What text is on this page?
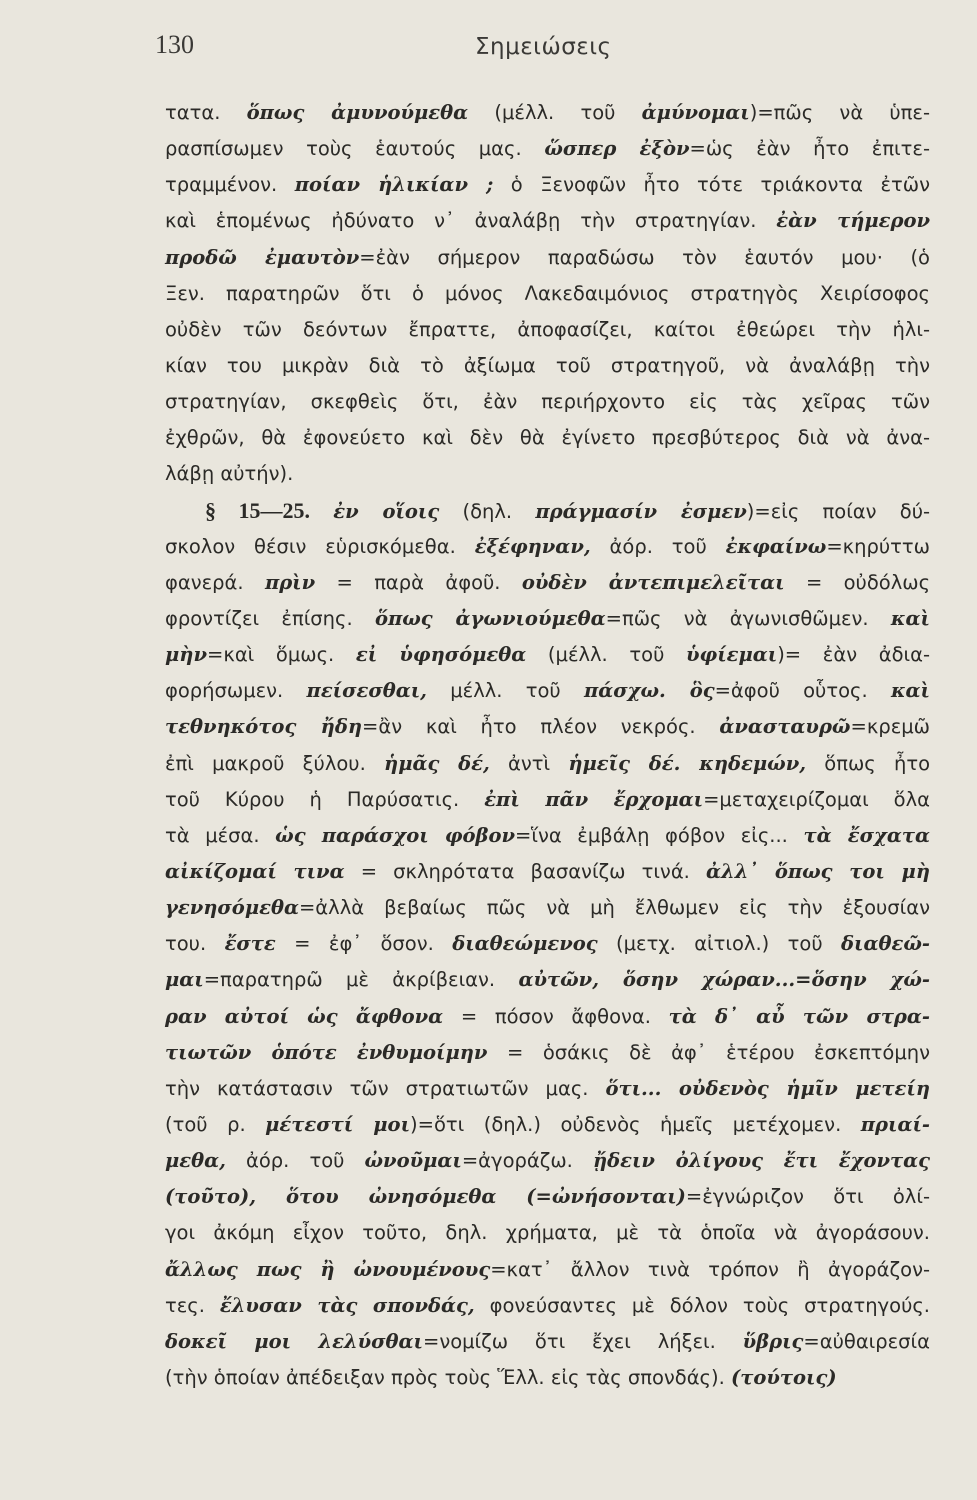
130	Σημειώσεις
τατα. ὅπως ἀμυνούμεθα (μέλλ. τοῦ ἀμύνομαι)=πῶς νὰ ὑπε-
ρασπίσωμεν τοὺς ἑαυτούς μας. ὥσπερ ἐξὸν=ὡς ἐὰν ἦτο ἐπιτε-
τραμμένον. ποίαν ἡλικίαν ; ὁ Ξενοφῶν ἦτο τότε τριάκοντα ἐτῶν
καὶ ἑπομένως ἠδύνατο ν᾽ ἀναλάβῃ τὴν στρατηγίαν. ἐὰν τήμερον
προδῶ ἐμαυτὸν=ἐὰν σήμερον παραδώσω τὸν ἑαυτόν μου· (ὁ
Ξεν. παρατηρῶν ὅτι ὁ μόνος Λακεδαιμόνιος στρατηγὸς Χειρίσοφος
οὐδὲν τῶν δεόντων ἔπραττε, ἀποφασίζει, καίτοι ἐθεώρει τὴν ἡλι-
κίαν του μικρὰν διὰ τὸ ἀξίωμα τοῦ στρατηγοῦ, νὰ ἀναλάβῃ τὴν
στρατηγίαν, σκεφθεὶς ὅτι, ἐὰν περιήρχοντο εἰς τὰς χεῖρας τῶν
ἐχθρῶν, θὰ ἐφονεύετο καὶ δὲν θὰ ἐγίνετο πρεσβύτερος διὰ νὰ ἀνα-
λάβῃ αὐτήν).
§ 15—25. ἐν οἵοις (δηλ. πράγμασίν ἐσμεν)=εἰς ποίαν δύ-
σκολον θέσιν εὑρισκόμεθα. ἐξέφηναν, ἀόρ. τοῦ ἐκφαίνω=κηρύττω
φανερά. πρὶν = παρὰ ἀφοῦ. οὐδὲν ἀντεπιμελεῖται = οὐδόλως
φροντίζει ἐπίσης. ὅπως ἀγωνιούμεθα=πῶς νὰ ἀγωνισθῶμεν. καὶ
μὴν=καὶ ὅμως. εἰ ὑφησόμεθα (μέλλ. τοῦ ὑφίεμαι)= ἐὰν ἀδια-
φορήσωμεν. πείσεσθαι, μέλλ. τοῦ πάσχω. ὃς=ἀφοῦ οὗτος. καὶ
τεθνηκότος ἤδη=ἂν καὶ ἦτο πλέον νεκρός. ἀνασταυρῶ=κρεμῶ
ἐπὶ μακροῦ ξύλου. ἡμᾶς δέ, ἀντὶ ἡμεῖς δέ. κηδεμών, ὅπως ἦτο
τοῦ Κύρου ἡ Παρύσατις. ἐπὶ πᾶν ἔρχομαι=μεταχειρίζομαι ὅλα
τὰ μέσα. ὡς παράσχοι φόβον=ἵνα ἐμβάλῃ φόβον εἰς... τὰ ἔσχατα
αἰκίζομαί τινα = σκληρότατα βασανίζω τινά. ἀλλ᾽ ὅπως τοι μὴ
γενησόμεθα=ἀλλὰ βεβαίως πῶς νὰ μὴ ἔλθωμεν εἰς τὴν ἐξουσίαν
του. ἔστε = ἐφ᾽ ὅσον. διαθεώμενος (μετχ. αἰτιολ.) τοῦ διαθεῶ-
μαι=παρατηρῶ μὲ ἀκρίβειαν. αὐτῶν, ὅσην χώραν...=ὅσην χώ-
ραν αὐτοί ὡς ἄφθονα = πόσον ἄφθονα. τὰ δ᾽ αὖ τῶν στρα-
τιωτῶν ὁπότε ἐνθυμοίμην = ὁσάκις δὲ ἀφ᾽ ἑτέρου ἐσκεπτόμην
τὴν κατάστασιν τῶν στρατιωτῶν μας. ὅτι... οὐδενὸς ἡμῖν μετείη
(τοῦ ρ. μέτεστί μοι)=ὅτι (δηλ.) οὐδενὸς ἡμεῖς μετέχομεν. πριαί-
μεθα, ἀόρ. τοῦ ὠνοῦμαι=ἀγοράζω. ᾔδειν ὀλίγους ἔτι ἔχοντας
(τοῦτο), ὅτου ὠνησόμεθα (=ὠνήσονται)=ἐγνώριζον ὅτι ὀλί-
γοι ἀκόμη εἶχον τοῦτο, δηλ. χρήματα, μὲ τὰ ὁποῖα νὰ ἀγοράσουν.
ἄλλως πως ἢ ὠνουμένους=κατ᾽ ἄλλον τινὰ τρόπον ἢ ἀγοράζον-
τες. ἔλυσαν τὰς σπονδάς, φονεύσαντες μὲ δόλον τοὺς στρατηγούς.
δοκεῖ μοι λελύσθαι=νομίζω ὅτι ἔχει λήξει. ὕβρις=αὐθαιρεσία
(τὴν ὁποίαν ἀπέδειξαν πρὸς τοὺς Ἕλλ. εἰς τὰς σπονδάς). (τούτοις)
